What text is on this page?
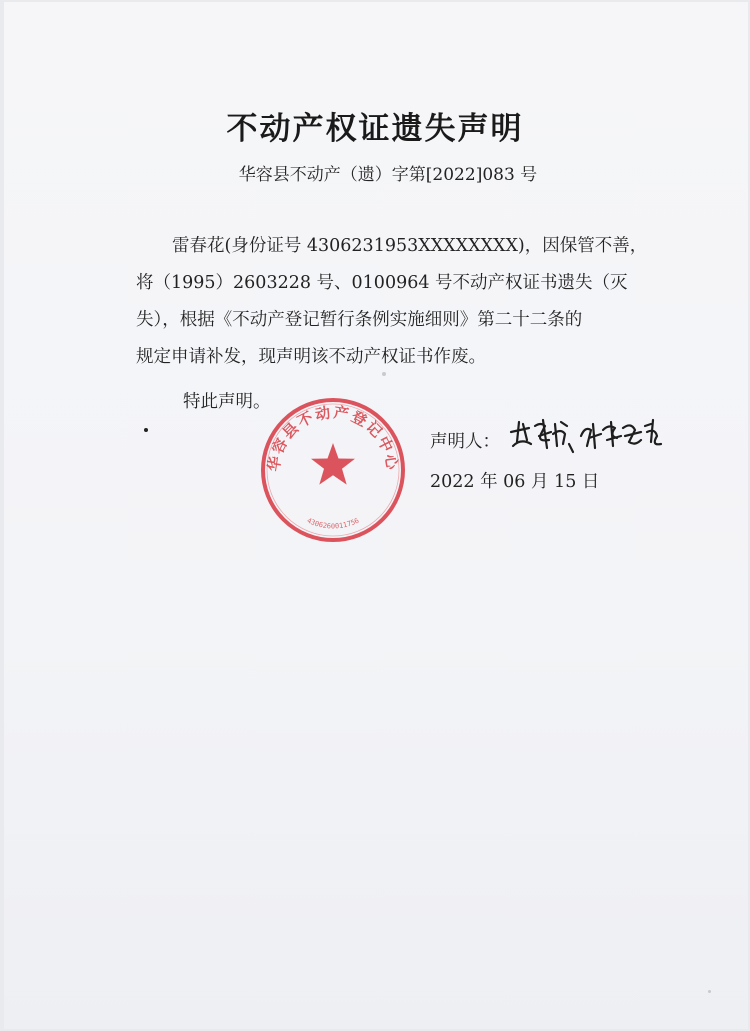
不动产权证遗失声明
华容县不动产（遗）字第[2022]083 号
雷春花(身份证号 4306231953XXXXXXXX)，因保管不善，
将（1995）2603228 号、0100964 号不动产权证书遗失（灭
失），根据《不动产登记暂行条例实施细则》第二十二条的
规定申请补发，现声明该不动产权证书作废。
特此声明。
华容县不动产登记中心
4306260011756
声明人：
2022 年 06 月 15 日
